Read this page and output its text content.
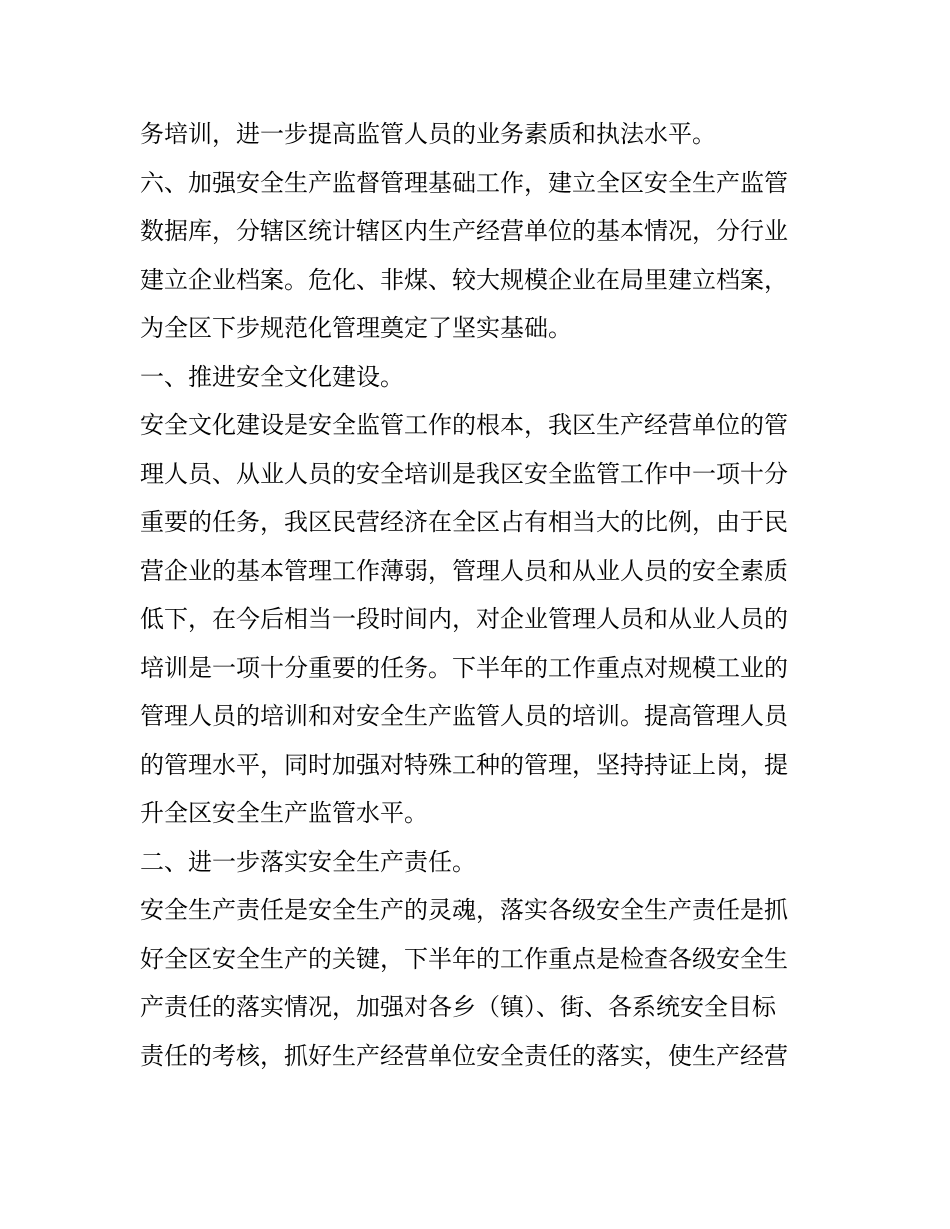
务培训，进一步提高监管人员的业务素质和执法水平。
六、加强安全生产监督管理基础工作，建立全区安全生产监管
数据库，分辖区统计辖区内生产经营单位的基本情况，分行业
建立企业档案。危化、非煤、较大规模企业在局里建立档案，
为全区下步规范化管理奠定了坚实基础。
一、推进安全文化建设。
安全文化建设是安全监管工作的根本，我区生产经营单位的管
理人员、从业人员的安全培训是我区安全监管工作中一项十分
重要的任务，我区民营经济在全区占有相当大的比例，由于民
营企业的基本管理工作薄弱，管理人员和从业人员的安全素质
低下，在今后相当一段时间内，对企业管理人员和从业人员的
培训是一项十分重要的任务。下半年的工作重点对规模工业的
管理人员的培训和对安全生产监管人员的培训。提高管理人员
的管理水平，同时加强对特殊工种的管理，坚持持证上岗，提
升全区安全生产监管水平。
二、进一步落实安全生产责任。
安全生产责任是安全生产的灵魂，落实各级安全生产责任是抓
好全区安全生产的关键，下半年的工作重点是检查各级安全生
产责任的落实情况，加强对各乡（镇）、街、各系统安全目标
责任的考核，抓好生产经营单位安全责任的落实，使生产经营
